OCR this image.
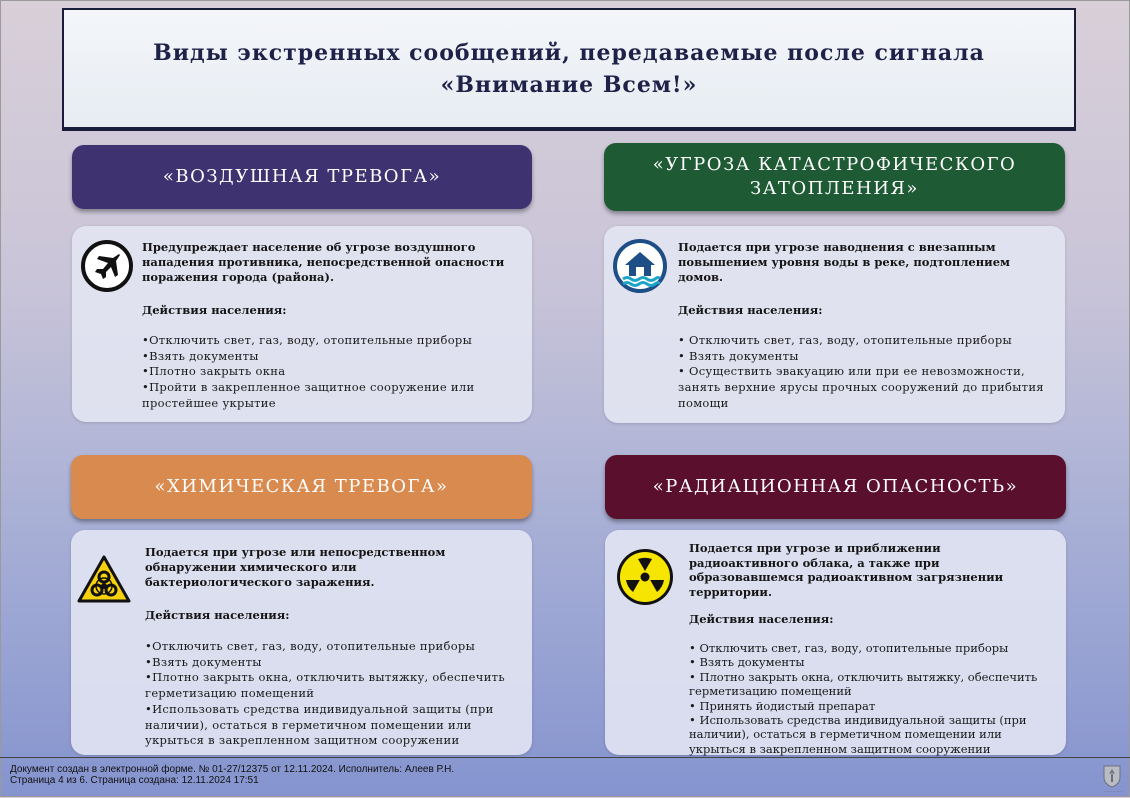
Виды экстренных сообщений, передаваемые после сигнала
«Внимание Всем!»
«ВОЗДУШНАЯ ТРЕВОГА»
Предупреждает население об угрозе воздушного нападения противника, непосредственной опасности поражения города (района).
Действия населения:
•Отключить свет, газ, воду, отопительные приборы
•Взять документы
•Плотно закрыть окна
•Пройти в закрепленное защитное сооружение или простейшее укрытие
«УГРОЗА КАТАСТРОФИЧЕСКОГО
ЗАТОПЛЕНИЯ»
Подается при угрозе наводнения с внезапным повышением уровня воды в реке, подтоплением домов.
Действия населения:
• Отключить свет, газ, воду, отопительные приборы
• Взять документы
• Осуществить эвакуацию или при ее невозможности, занять верхние ярусы прочных сооружений до прибытия помощи
«ХИМИЧЕСКАЯ ТРЕВОГА»
Подается при угрозе или непосредственном обнаружении химического или бактериологического заражения.
Действия населения:
•Отключить свет, газ, воду, отопительные приборы
•Взять документы
•Плотно закрыть окна, отключить вытяжку, обеспечить герметизацию помещений
•Использовать средства индивидуальной защиты (при наличии), остаться в герметичном помещении или укрыться в закрепленном защитном сооружении
«РАДИАЦИОННАЯ ОПАСНОСТЬ»
Подается при угрозе и приближении радиоактивного облака, а также при образовавшемся радиоактивном загрязнении территории.
Действия населения:
• Отключить свет, газ, воду, отопительные приборы
• Взять документы
• Плотно закрыть окна, отключить вытяжку, обеспечить герметизацию помещений
• Принять йодистый препарат
• Использовать средства индивидуальной защиты (при наличии), остаться в герметичном помещении или укрыться в закрепленном защитном сооружении
Документ создан в электронной форме. № 01-27/12375 от 12.11.2024. Исполнитель: Алеев Р.Н.
Страница 4 из 6. Страница создана: 12.11.2024 17:51
············
